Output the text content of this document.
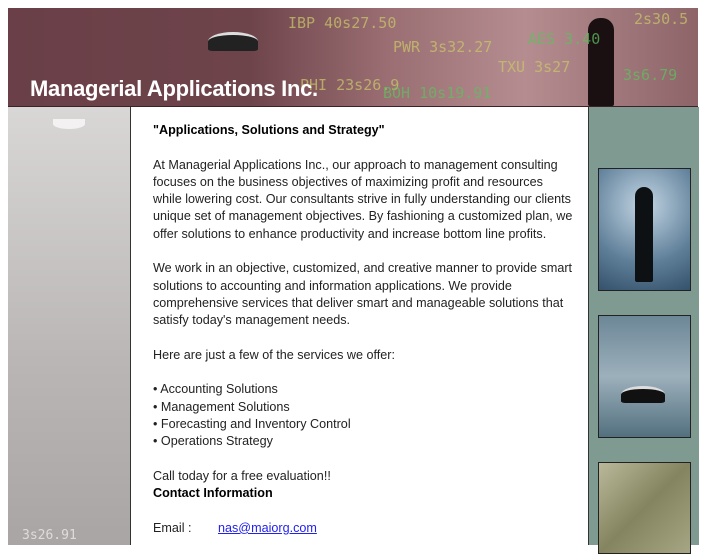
IBP 40s27.50
PWR 3s32.27 AES 3.40
TXU 3s27
2s30.5
3s6.79
PHI 23s26.9
BOH 10s19.91
Managerial Applications Inc.
3s26.91

"Applications, Solutions and Strategy"

At Managerial Applications Inc., our approach to management consulting focuses on the business objectives of maximizing profit and resources while lowering cost. Our consultants strive in fully understanding our clients unique set of management objectives. By fashioning a customized plan, we offer solutions to enhance productivity and increase bottom line profits.

We work in an objective, customized, and creative manner to provide smart solutions to accounting and information applications. We provide comprehensive services that deliver smart and manageable solutions that satisfy today's management needs.

Here are just a few of the services we offer:

• Accounting Solutions
• Management Solutions
• Forecasting and Inventory Control
• Operations Strategy
Call today for a free evaluation!!

Contact Information

Email : nas@maiorg.com
